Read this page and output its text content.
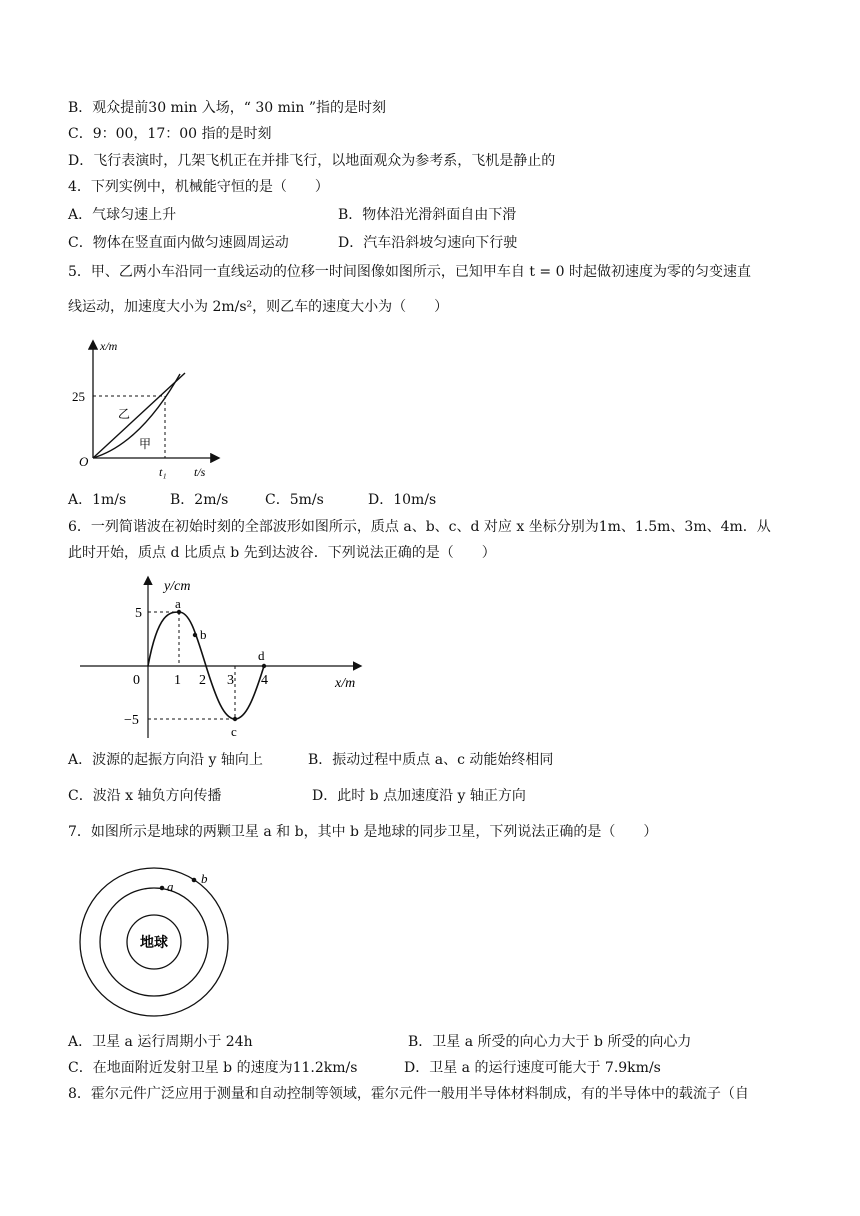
B．观众提前30 min 入场，“ 30 min ”指的是时刻
C．9：00，17：00 指的是时刻
D．飞行表演时，几架飞机正在并排飞行，以地面观众为参考系，飞机是静止的
4．下列实例中，机械能守恒的是（　　）
A．气球匀速上升	B．物体沿光滑斜面自由下滑
C．物体在竖直面内做匀速圆周运动	D．汽车沿斜坡匀速向下行驶
5．甲、乙两小车沿同一直线运动的位移一时间图像如图所示，已知甲车自 t = 0 时起做初速度为零的匀变速直
线运动，加速度大小为 2m/s²，则乙车的速度大小为（　　）
x/m
t/s
O
25
t₁
乙
甲
A．1m/s	B．2m/s	C．5m/s	D．10m/s
6．一列简谐波在初始时刻的全部波形如图所示，质点 a、b、c、d 对应 x 坐标分别为1m、1.5m、3m、4m．从
此时开始，质点 d 比质点 b 先到达波谷．下列说法正确的是（　　）
y/cm
x/m
0
5
−5
1 2 3 4
a
b
c
d
A．波源的起振方向沿 y 轴向上	B．振动过程中质点 a、c 动能始终相同
C．波沿 x 轴负方向传播	D．此时 b 点加速度沿 y 轴正方向
7．如图所示是地球的两颗卫星 a 和 b，其中 b 是地球的同步卫星，下列说法正确的是（　　）
地球
a
b
A．卫星 a 运行周期小于 24h	B．卫星 a 所受的向心力大于 b 所受的向心力
C．在地面附近发射卫星 b 的速度为11.2km/s	D．卫星 a 的运行速度可能大于 7.9km/s
8．霍尔元件广泛应用于测量和自动控制等领域，霍尔元件一般用半导体材料制成，有的半导体中的载流子（自
